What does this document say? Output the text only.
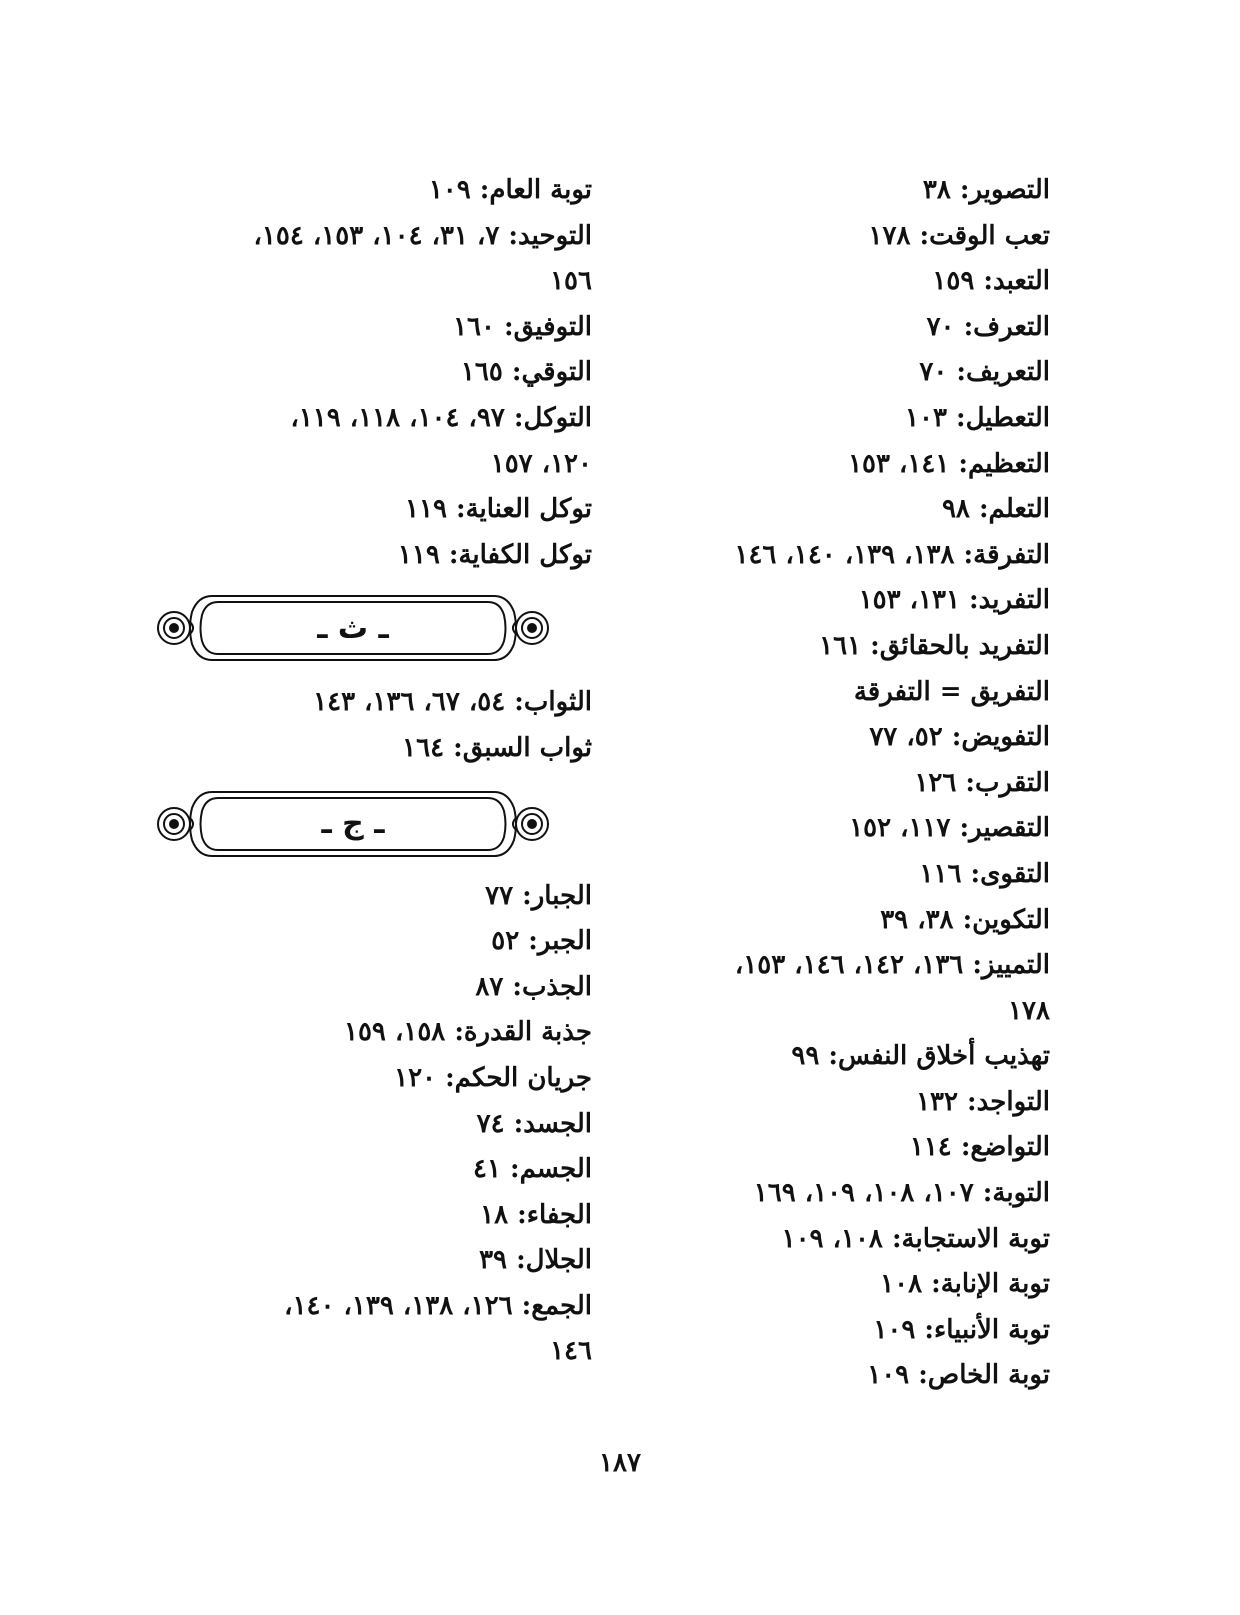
التصوير: ٣٨
تعب الوقت: ١٧٨
التعبد: ١٥٩
التعرف: ٧٠
التعريف: ٧٠
التعطيل: ١٠٣
التعظيم: ١٤١، ١٥٣
التعلم: ٩٨
التفرقة: ١٣٨، ١٣٩، ١٤٠، ١٤٦
التفريد: ١٣١، ١٥٣
التفريد بالحقائق: ١٦١
التفريق = التفرقة
التفويض: ٥٢، ٧٧
التقرب: ١٢٦
التقصير: ١١٧، ١٥٢
التقوى: ١١٦
التكوين: ٣٨، ٣٩
التمييز: ١٣٦، ١٤٢، ١٤٦، ١٥٣،
١٧٨
تهذيب أخلاق النفس: ٩٩
التواجد: ١٣٢
التواضع: ١١٤
التوبة: ١٠٧، ١٠٨، ١٠٩، ١٦٩
توبة الاستجابة: ١٠٨، ١٠٩
توبة الإنابة: ١٠٨
توبة الأنبياء: ١٠٩
توبة الخاص: ١٠٩
توبة العام: ١٠٩
التوحيد: ٧، ٣١، ١٠٤، ١٥٣، ١٥٤،
١٥٦
التوفيق: ١٦٠
التوقي: ١٦٥
التوكل: ٩٧، ١٠٤، ١١٨، ١١٩،
١٢٠، ١٥٧
توكل العناية: ١١٩
توكل الكفاية: ١١٩
ـ ث ـ
الثواب: ٥٤، ٦٧، ١٣٦، ١٤٣
ثواب السبق: ١٦٤
ـ ج ـ
الجبار: ٧٧
الجبر: ٥٢
الجذب: ٨٧
جذبة القدرة: ١٥٨، ١٥٩
جريان الحكم: ١٢٠
الجسد: ٧٤
الجسم: ٤١
الجفاء: ١٨
الجلال: ٣٩
الجمع: ١٢٦، ١٣٨، ١٣٩، ١٤٠،
١٤٦
١٨٧
